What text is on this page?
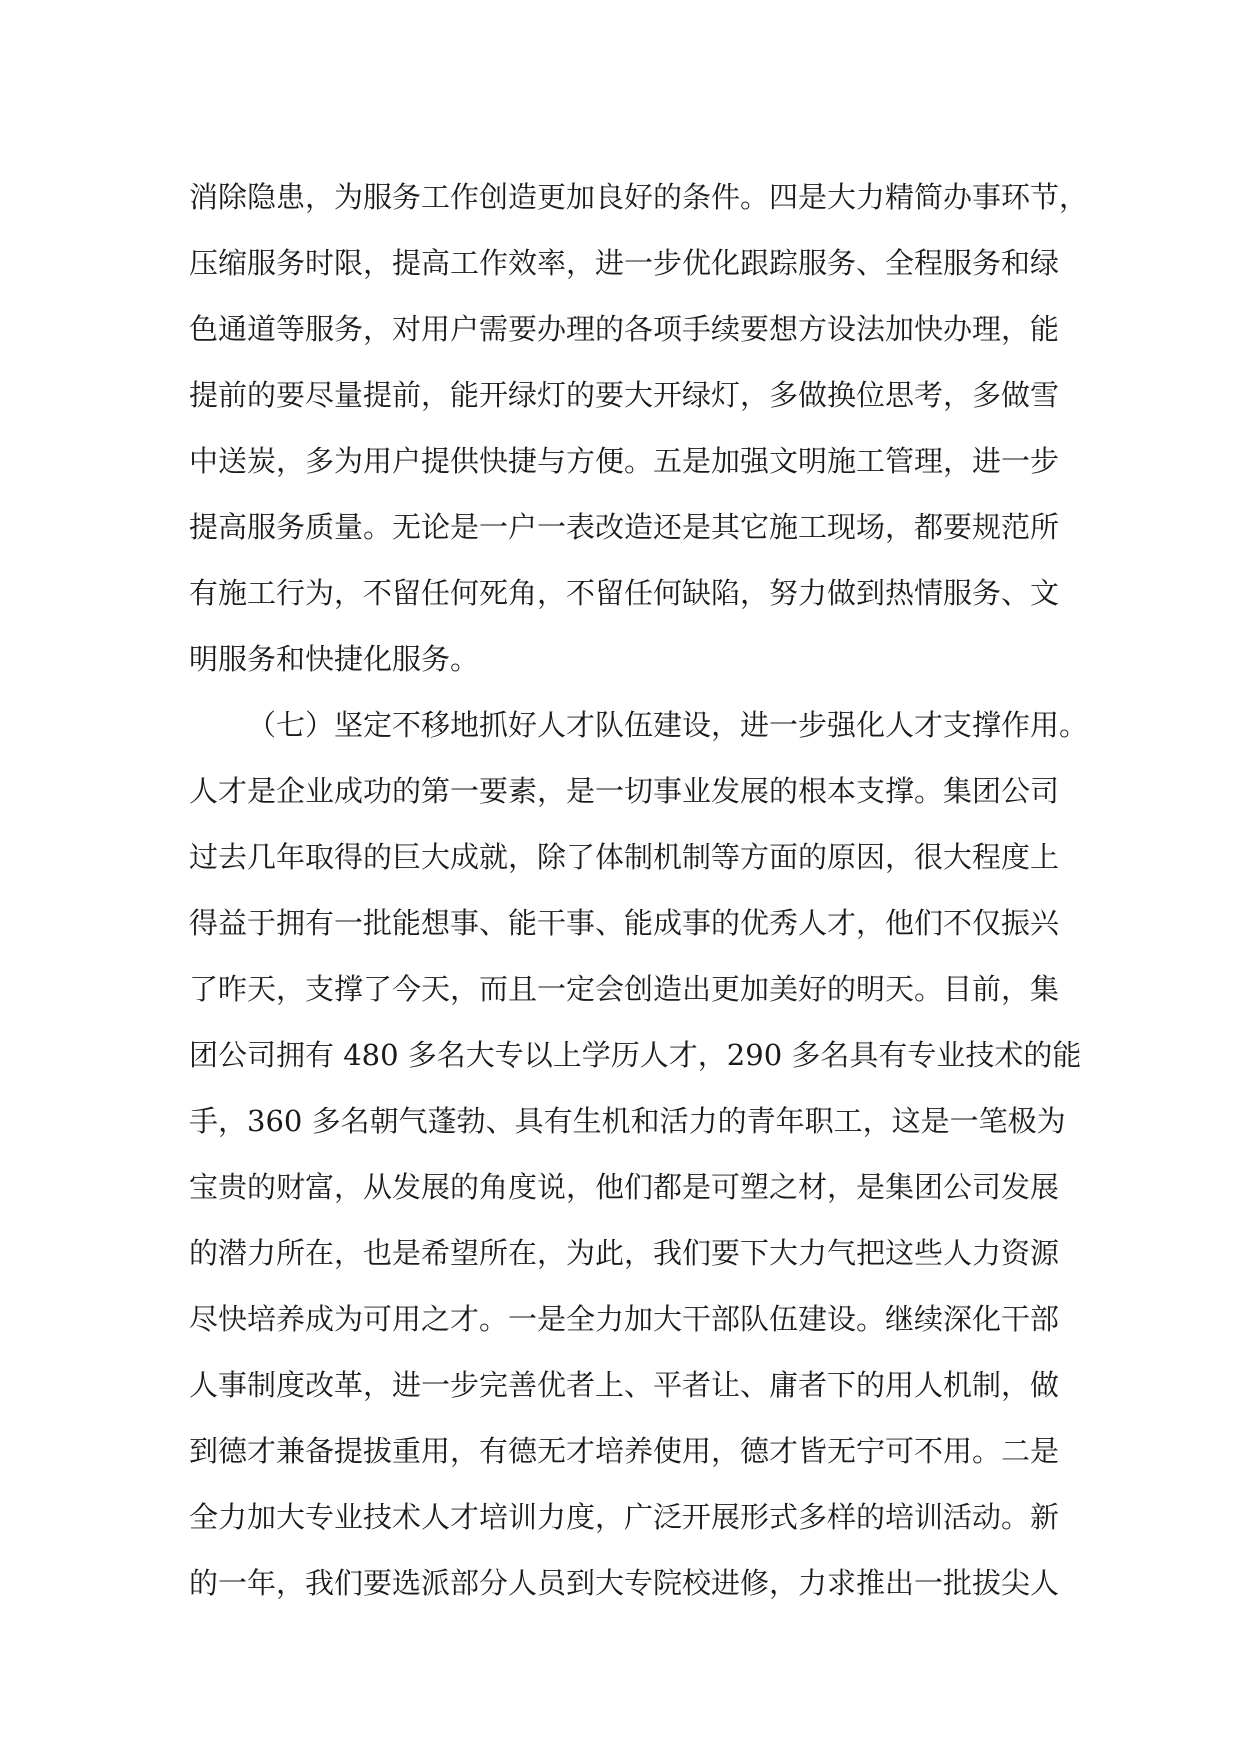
消除隐患，为服务工作创造更加良好的条件。四是大力精简办事环节，
压缩服务时限，提高工作效率，进一步优化跟踪服务、全程服务和绿
色通道等服务，对用户需要办理的各项手续要想方设法加快办理，能
提前的要尽量提前，能开绿灯的要大开绿灯，多做换位思考，多做雪
中送炭，多为用户提供快捷与方便。五是加强文明施工管理，进一步
提高服务质量。无论是一户一表改造还是其它施工现场，都要规范所
有施工行为，不留任何死角，不留任何缺陷，努力做到热情服务、文
明服务和快捷化服务。
（七）坚定不移地抓好人才队伍建设，进一步强化人才支撑作用。
人才是企业成功的第一要素，是一切事业发展的根本支撑。集团公司
过去几年取得的巨大成就，除了体制机制等方面的原因，很大程度上
得益于拥有一批能想事、能干事、能成事的优秀人才，他们不仅振兴
了昨天，支撑了今天，而且一定会创造出更加美好的明天。目前，集
团公司拥有 480 多名大专以上学历人才，290 多名具有专业技术的能
手，360 多名朝气蓬勃、具有生机和活力的青年职工，这是一笔极为
宝贵的财富，从发展的角度说，他们都是可塑之材，是集团公司发展
的潜力所在，也是希望所在，为此，我们要下大力气把这些人力资源
尽快培养成为可用之才。一是全力加大干部队伍建设。继续深化干部
人事制度改革，进一步完善优者上、平者让、庸者下的用人机制，做
到德才兼备提拔重用，有德无才培养使用，德才皆无宁可不用。二是
全力加大专业技术人才培训力度，广泛开展形式多样的培训活动。新
的一年，我们要选派部分人员到大专院校进修，力求推出一批拔尖人
